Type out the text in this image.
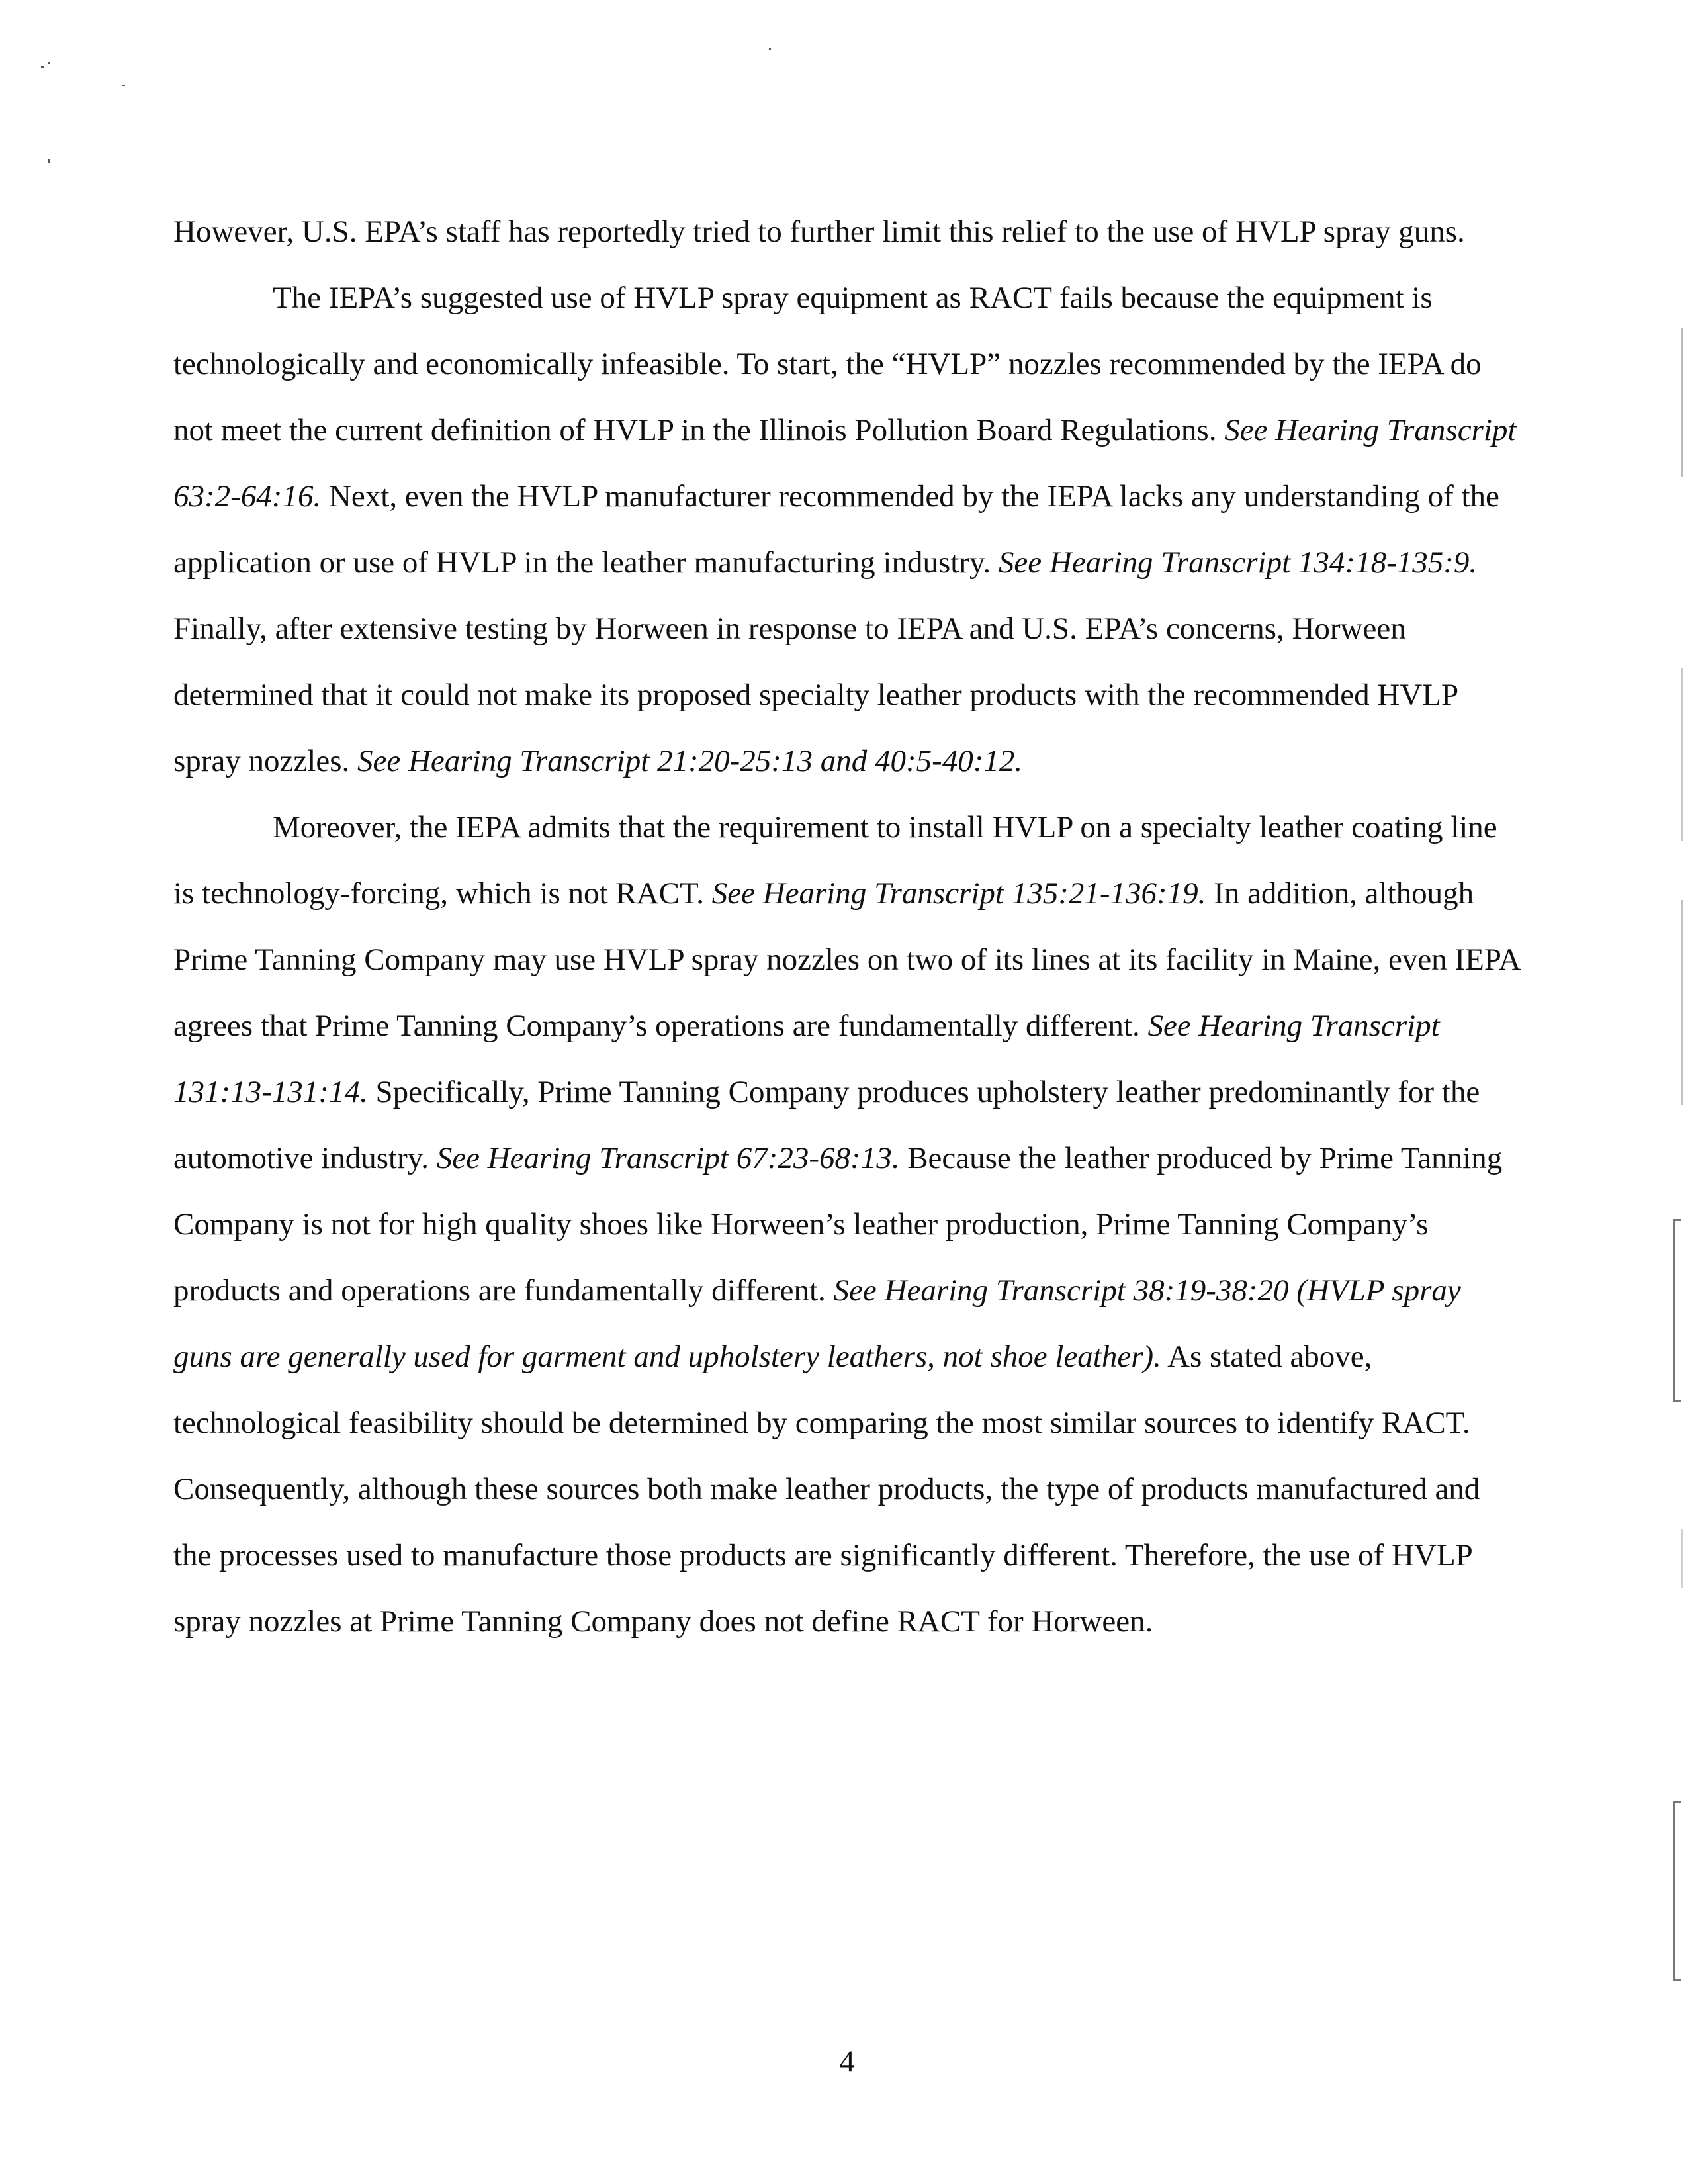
However, U.S. EPA’s staff has reportedly tried to further limit this relief to the use of HVLP spray guns.

The IEPA’s suggested use of HVLP spray equipment as RACT fails because the equipment is technologically and economically infeasible. To start, the “HVLP” nozzles recommended by the IEPA do not meet the current definition of HVLP in the Illinois Pollution Board Regulations. See Hearing Transcript 63:2-64:16. Next, even the HVLP manufacturer recommended by the IEPA lacks any understanding of the application or use of HVLP in the leather manufacturing industry. See Hearing Transcript 134:18-135:9. Finally, after extensive testing by Horween in response to IEPA and U.S. EPA’s concerns, Horween determined that it could not make its proposed specialty leather products with the recommended HVLP spray nozzles. See Hearing Transcript 21:20-25:13 and 40:5-40:12.

Moreover, the IEPA admits that the requirement to install HVLP on a specialty leather coating line is technology-forcing, which is not RACT. See Hearing Transcript 135:21-136:19. In addition, although Prime Tanning Company may use HVLP spray nozzles on two of its lines at its facility in Maine, even IEPA agrees that Prime Tanning Company’s operations are fundamentally different. See Hearing Transcript 131:13-131:14. Specifically, Prime Tanning Company produces upholstery leather predominantly for the automotive industry. See Hearing Transcript 67:23-68:13. Because the leather produced by Prime Tanning Company is not for high quality shoes like Horween’s leather production, Prime Tanning Company’s products and operations are fundamentally different. See Hearing Transcript 38:19-38:20 (HVLP spray guns are generally used for garment and upholstery leathers, not shoe leather). As stated above, technological feasibility should be determined by comparing the most similar sources to identify RACT. Consequently, although these sources both make leather products, the type of products manufactured and the processes used to manufacture those products are significantly different. Therefore, the use of HVLP spray nozzles at Prime Tanning Company does not define RACT for Horween.

4
